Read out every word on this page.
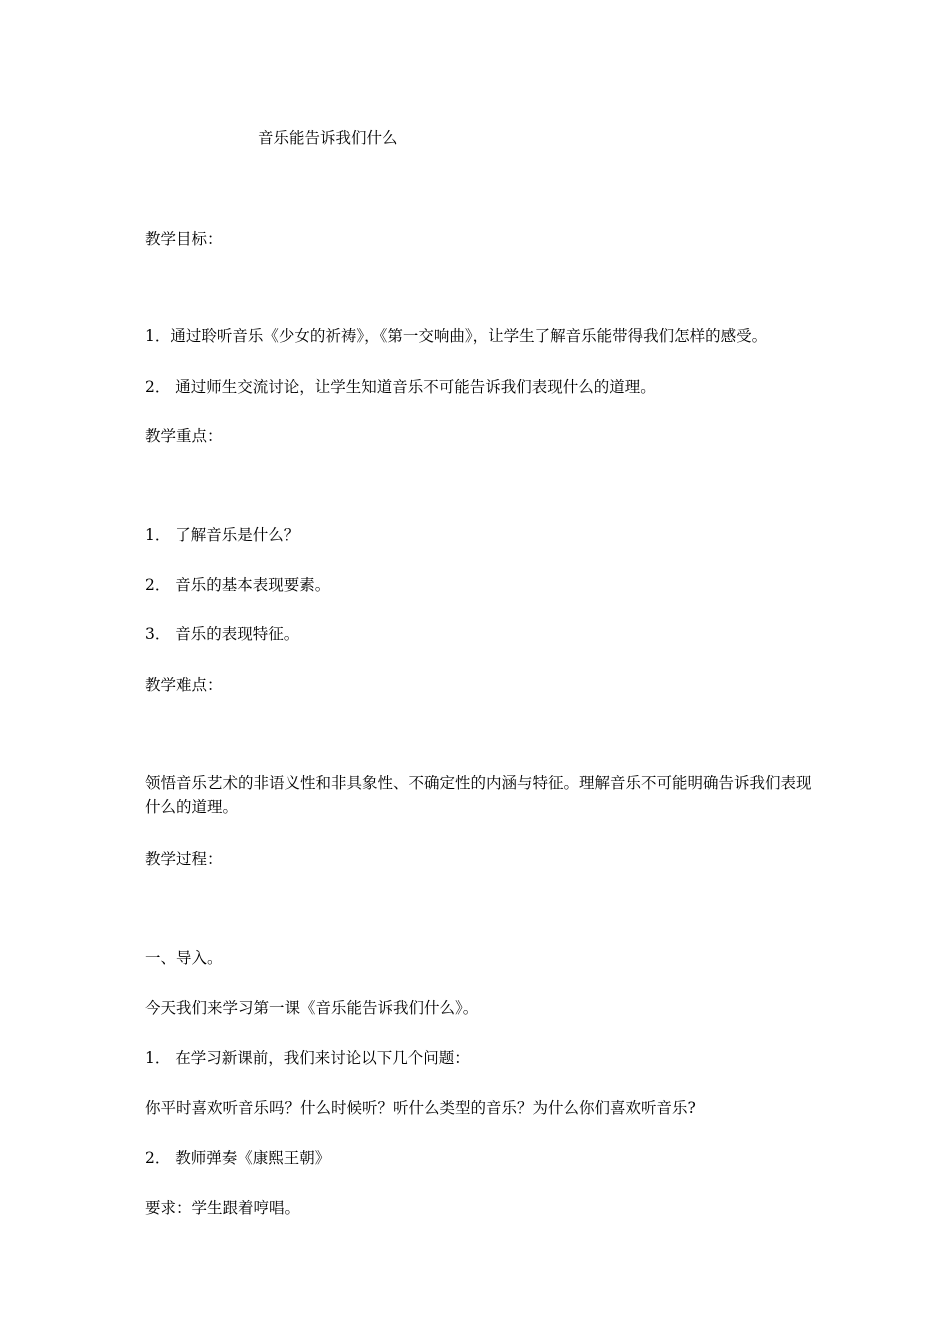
音乐能告诉我们什么
教学目标：
1．通过聆听音乐《少女的祈祷》，《第一交响曲》，让学生了解音乐能带得我们怎样的感受。
2． 通过师生交流讨论，让学生知道音乐不可能告诉我们表现什么的道理。
教学重点：
1． 了解音乐是什么？
2． 音乐的基本表现要素。
3． 音乐的表现特征。
教学难点：
领悟音乐艺术的非语义性和非具象性、不确定性的内涵与特征。理解音乐不可能明确告诉我们表现什么的道理。
教学过程：
一、导入。
今天我们来学习第一课《音乐能告诉我们什么》。
1． 在学习新课前，我们来讨论以下几个问题：
你平时喜欢听音乐吗？什么时候听？听什么类型的音乐？为什么你们喜欢听音乐?
2． 教师弹奏《康熙王朝》
要求：学生跟着哼唱。
